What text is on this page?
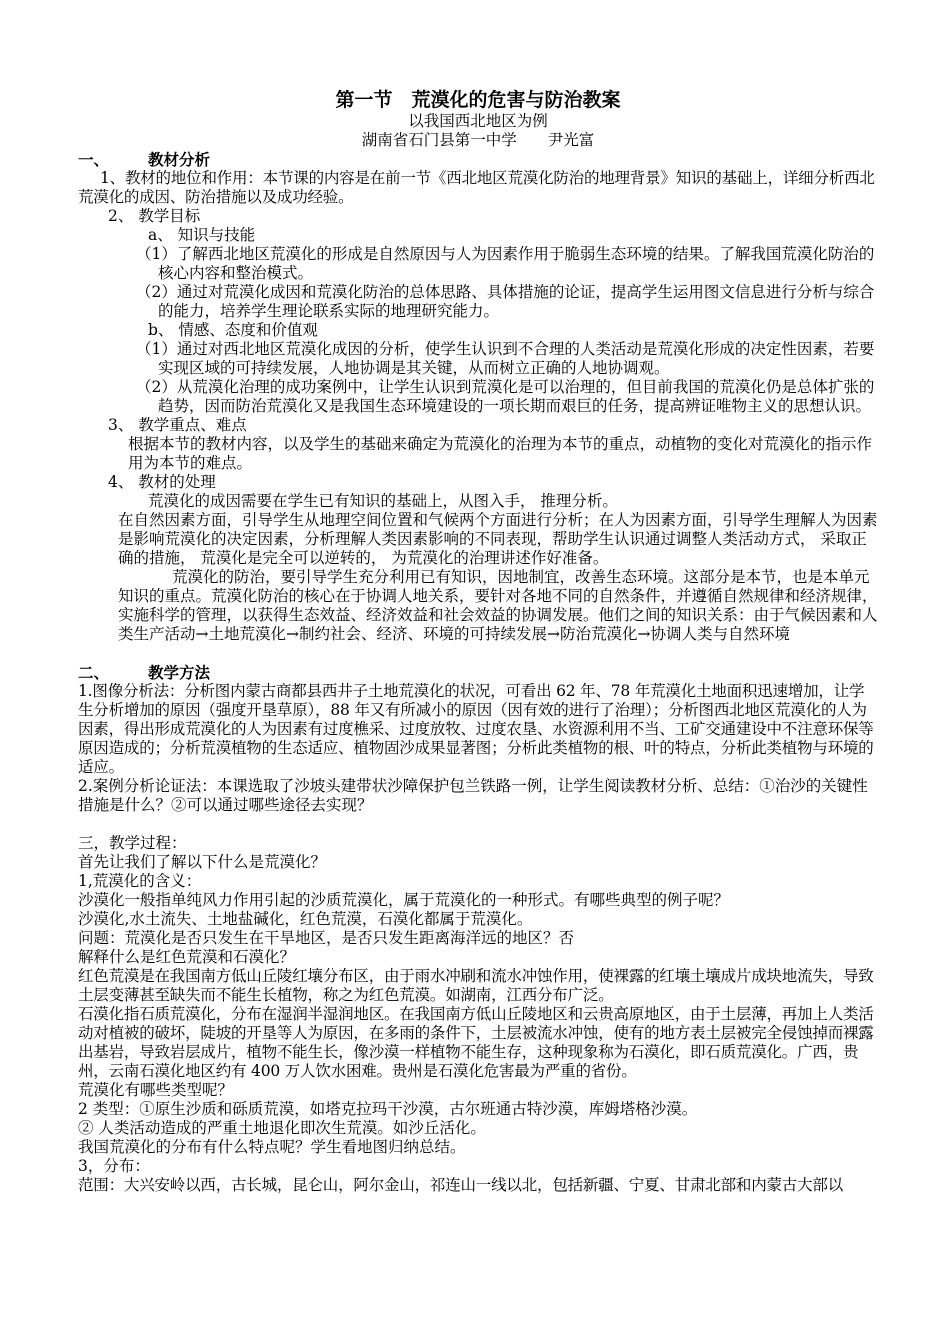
第一节　荒漠化的危害与防治教案
以我国西北地区为例
湖南省石门县第一中学　　尹光富
一、	教材分析

1、教材的地位和作用：本节课的内容是在前一节《西北地区荒漠化防治的地理背景》知识的基础上，详细分析西北荒漠化的成因、防治措施以及成功经验。

2、 教学目标

a、 知识与技能

（1）了解西北地区荒漠化的形成是自然原因与人为因素作用于脆弱生态环境的结果。了解我国荒漠化防治的核心内容和整治模式。

（2）通过对荒漠化成因和荒漠化防治的总体思路、具体措施的论证，提高学生运用图文信息进行分析与综合的能力，培养学生理论联系实际的地理研究能力。

b、 情感、态度和价值观

（1）通过对西北地区荒漠化成因的分析，使学生认识到不合理的人类活动是荒漠化形成的决定性因素，若要实现区域的可持续发展，人地协调是其关键，从而树立正确的人地协调观。

（2）从荒漠化治理的成功案例中，让学生认识到荒漠化是可以治理的，但目前我国的荒漠化仍是总体扩张的趋势，因而防治荒漠化又是我国生态环境建设的一项长期而艰巨的任务，提高辨证唯物主义的思想认识。

3、 教学重点、难点

根据本节的教材内容，以及学生的基础来确定为荒漠化的治理为本节的重点，动植物的变化对荒漠化的指示作用为本节的难点。

4、 教材的处理

荒漠化的成因需要在学生已有知识的基础上，从图入手， 推理分析。

在自然因素方面，引导学生从地理空间位置和气候两个方面进行分析；在人为因素方面，引导学生理解人为因素是影响荒漠化的决定因素，分析理解人类因素影响的不同表现，帮助学生认识通过调整人类活动方式， 采取正确的措施， 荒漠化是完全可以逆转的， 为荒漠化的治理讲述作好准备。

荒漠化的防治，要引导学生充分利用已有知识，因地制宜，改善生态环境。这部分是本节，也是本单元知识的重点。荒漠化防治的核心在于协调人地关系，要针对各地不同的自然条件，并遵循自然规律和经济规律，实施科学的管理，以获得生态效益、经济效益和社会效益的协调发展。他们之间的知识关系：由于气候因素和人类生产活动→土地荒漠化→制约社会、经济、环境的可持续发展→防治荒漠化→协调人类与自然环境

二、	教学方法

1.图像分析法：分析图内蒙古商都县西井子土地荒漠化的状况，可看出 62 年、78 年荒漠化土地面积迅速增加，让学生分析增加的原因（强度开垦草原），88 年又有所减小的原因（因有效的进行了治理）；分析图西北地区荒漠化的人为因素，得出形成荒漠化的人为因素有过度樵采、过度放牧、过度农垦、水资源利用不当、工矿交通建设中不注意环保等原因造成的；分析荒漠植物的生态适应、植物固沙成果显著图；分析此类植物的根、叶的特点，分析此类植物与环境的适应。

2.案例分析论证法：本课选取了沙坡头建带状沙障保护包兰铁路一例，让学生阅读教材分析、总结：①治沙的关键性措施是什么？②可以通过哪些途径去实现？

三，教学过程：

首先让我们了解以下什么是荒漠化？

1,荒漠化的含义：

沙漠化一般指单纯风力作用引起的沙质荒漠化，属于荒漠化的一种形式。有哪些典型的例子呢？

沙漠化,水土流失、土地盐碱化，红色荒漠，石漠化都属于荒漠化。

问题：荒漠化是否只发生在干旱地区，是否只发生距离海洋远的地区？否

解释什么是红色荒漠和石漠化？

红色荒漠是在我国南方低山丘陵红壤分布区，由于雨水冲刷和流水冲蚀作用，使裸露的红壤土壤成片成块地流失，导致土层变薄甚至缺失而不能生长植物，称之为红色荒漠。如湖南，江西分布广泛。

石漠化指石质荒漠化，分布在湿润半湿润地区。在我国南方低山丘陵地区和云贵高原地区，由于土层薄，再加上人类活动对植被的破坏，陡坡的开垦等人为原因，在多雨的条件下，土层被流水冲蚀，使有的地方表土层被完全侵蚀掉而裸露出基岩，导致岩层成片，植物不能生长，像沙漠一样植物不能生存，这种现象称为石漠化，即石质荒漠化。广西，贵州，云南石漠化地区约有 400 万人饮水困难。贵州是石漠化危害最为严重的省份。

荒漠化有哪些类型呢？

2 类型：①原生沙质和砾质荒漠，如塔克拉玛干沙漠，古尔班通古特沙漠，库姆塔格沙漠。

② 人类活动造成的严重土地退化即次生荒漠。如沙丘活化。

我国荒漠化的分布有什么特点呢？学生看地图归纳总结。

3，分布：

范围：大兴安岭以西，古长城，昆仑山，阿尔金山，祁连山一线以北，包括新疆、宁夏、甘肃北部和内蒙古大部以
